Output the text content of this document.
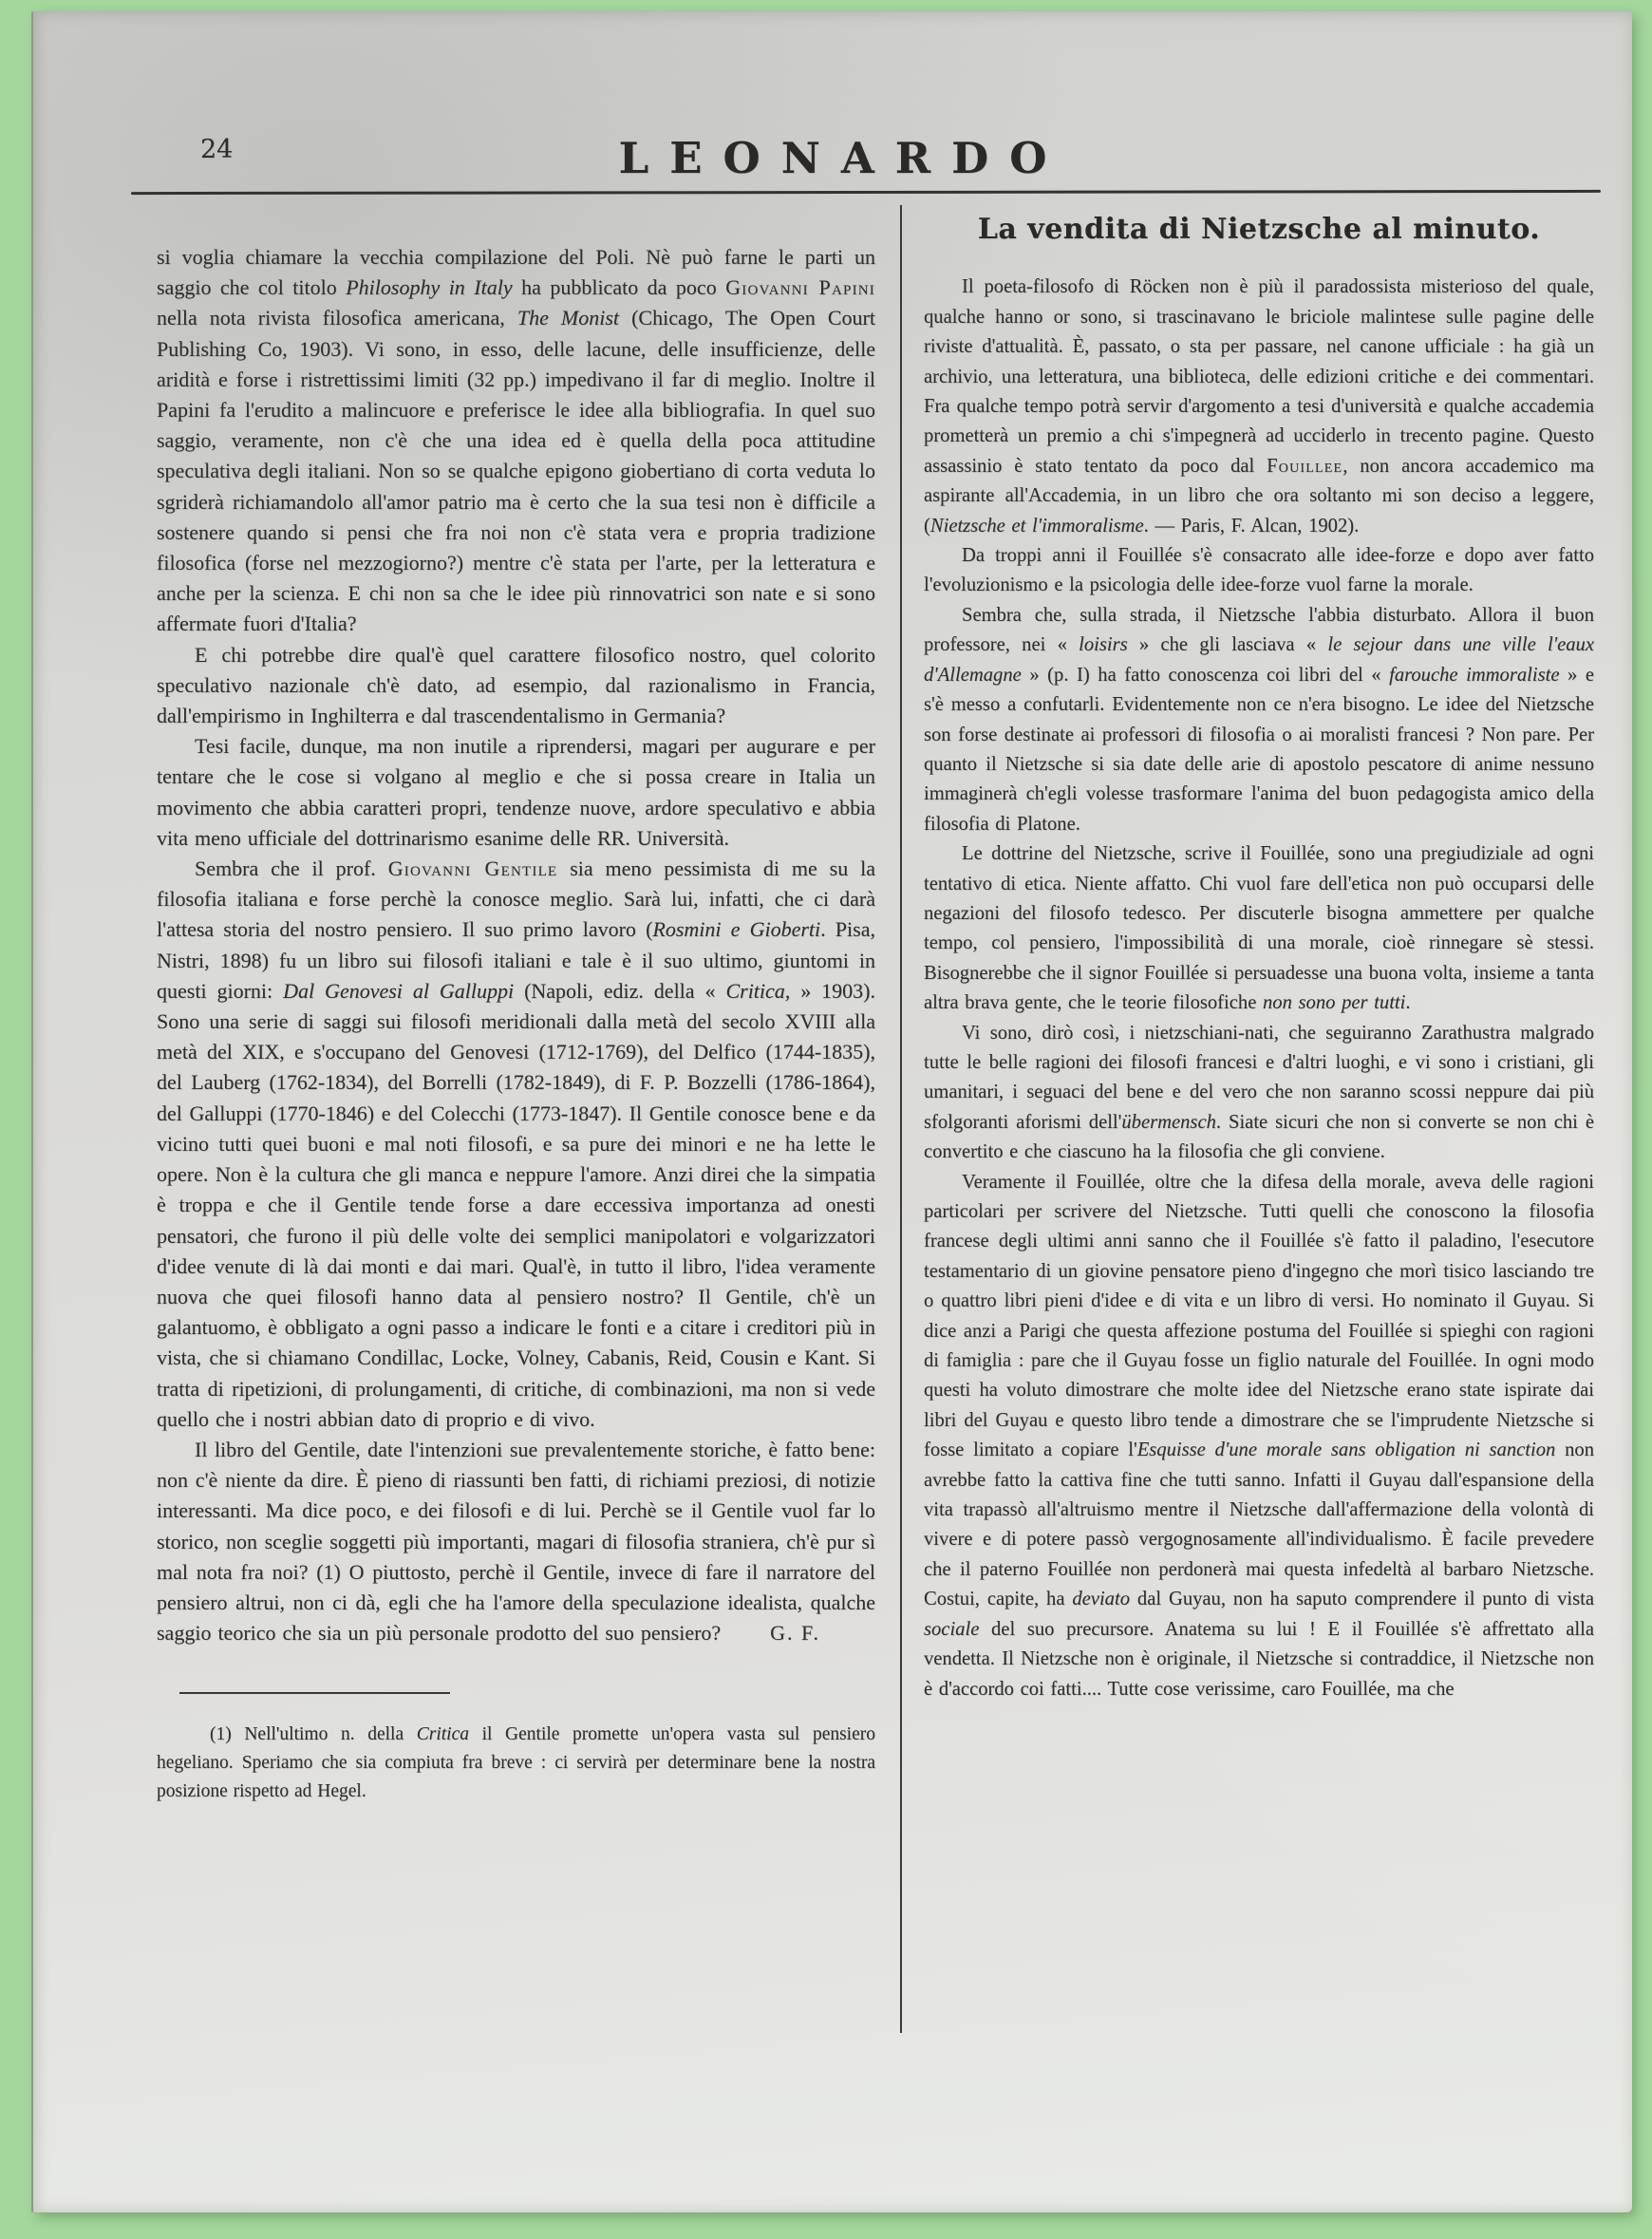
24	LEONARDO

si voglia chiamare la vecchia compilazione del Poli. Nè può farne le parti un saggio che col titolo Philosophy in Italy ha pubblicato da poco Giovanni Papini nella nota rivista filosofica americana, The Monist (Chicago, The Open Court Publishing Co, 1903). Vi sono, in esso, delle lacune, delle insufficienze, delle aridità e forse i ristrettissimi limiti (32 pp.) impedivano il far di meglio. Inoltre il Papini fa l'erudito a malincuore e preferisce le idee alla bibliografia. In quel suo saggio, veramente, non c'è che una idea ed è quella della poca attitudine speculativa degli italiani. Non so se qualche epigono giobertiano di corta veduta lo sgriderà richiamandolo all'amor patrio ma è certo che la sua tesi non è difficile a sostenere quando si pensi che fra noi non c'è stata vera e propria tradizione filosofica (forse nel mezzogiorno?) mentre c'è stata per l'arte, per la letteratura e anche per la scienza. E chi non sa che le idee più rinnovatrici son nate e si sono affermate fuori d'Italia?

E chi potrebbe dire qual'è quel carattere filosofico nostro, quel colorito speculativo nazionale ch'è dato, ad esempio, dal razionalismo in Francia, dall'empirismo in Inghilterra e dal trascendentalismo in Germania?

Tesi facile, dunque, ma non inutile a riprendersi, magari per augurare e per tentare che le cose si volgano al meglio e che si possa creare in Italia un movimento che abbia caratteri propri, tendenze nuove, ardore speculativo e abbia vita meno ufficiale del dottrinarismo esanime delle RR. Università.

Sembra che il prof. Giovanni Gentile sia meno pessimista di me su la filosofia italiana e forse perchè la conosce meglio. Sarà lui, infatti, che ci darà l'attesa storia del nostro pensiero. Il suo primo lavoro (Rosmini e Gioberti. Pisa, Nistri, 1898) fu un libro sui filosofi italiani e tale è il suo ultimo, giuntomi in questi giorni: Dal Genovesi al Galluppi (Napoli, ediz. della « Critica, » 1903). Sono una serie di saggi sui filosofi meridionali dalla metà del secolo XVIII alla metà del XIX, e s'occupano del Genovesi (1712-1769), del Delfico (1744-1835), del Lauberg (1762-1834), del Borrelli (1782-1849), di F. P. Bozzelli (1786-1864), del Galluppi (1770-1846) e del Colecchi (1773-1847). Il Gentile conosce bene e da vicino tutti quei buoni e mal noti filosofi, e sa pure dei minori e ne ha lette le opere. Non è la cultura che gli manca e neppure l'amore. Anzi direi che la simpatia è troppa e che il Gentile tende forse a dare eccessiva importanza ad onesti pensatori, che furono il più delle volte dei semplici manipolatori e volgarizzatori d'idee venute di là dai monti e dai mari. Qual'è, in tutto il libro, l'idea veramente nuova che quei filosofi hanno data al pensiero nostro? Il Gentile, ch'è un galantuomo, è obbligato a ogni passo a indicare le fonti e a citare i creditori più in vista, che si chiamano Condillac, Locke, Volney, Cabanis, Reid, Cousin e Kant. Si tratta di ripetizioni, di prolungamenti, di critiche, di combinazioni, ma non si vede quello che i nostri abbian dato di proprio e di vivo.

Il libro del Gentile, date l'intenzioni sue prevalentemente storiche, è fatto bene: non c'è niente da dire. È pieno di riassunti ben fatti, di richiami preziosi, di notizie interessanti. Ma dice poco, e dei filosofi e di lui. Perchè se il Gentile vuol far lo storico, non sceglie soggetti più importanti, magari di filosofia straniera, ch'è pur sì mal nota fra noi? (1) O piuttosto, perchè il Gentile, invece di fare il narratore del pensiero altrui, non ci dà, egli che ha l'amore della speculazione idealista, qualche saggio teorico che sia un più personale prodotto del suo pensiero?	G. F.

(1) Nell'ultimo n. della Critica il Gentile promette un'opera vasta sul pensiero hegeliano. Speriamo che sia compiuta fra breve : ci servirà per determinare bene la nostra posizione rispetto ad Hegel.

La vendita di Nietzsche al minuto.

Il poeta-filosofo di Röcken non è più il paradossista misterioso del quale, qualche hanno or sono, si trascinavano le briciole malintese sulle pagine delle riviste d'attualità. È, passato, o sta per passare, nel canone ufficiale : ha già un archivio, una letteratura, una biblioteca, delle edizioni critiche e dei commentari. Fra qualche tempo potrà servir d'argomento a tesi d'università e qualche accademia prometterà un premio a chi s'impegnerà ad ucciderlo in trecento pagine. Questo assassinio è stato tentato da poco dal Fouillee, non ancora accademico ma aspirante all'Accademia, in un libro che ora soltanto mi son deciso a leggere, (Nietzsche et l'immoralisme. — Paris, F. Alcan, 1902).

Da troppi anni il Fouillée s'è consacrato alle idee-forze e dopo aver fatto l'evoluzionismo e la psicologia delle idee-forze vuol farne la morale.

Sembra che, sulla strada, il Nietzsche l'abbia disturbato. Allora il buon professore, nei « loisirs » che gli lasciava « le sejour dans une ville l'eaux d'Allemagne » (p. I) ha fatto conoscenza coi libri del « farouche immoraliste » e s'è messo a confutarli. Evidentemente non ce n'era bisogno. Le idee del Nietzsche son forse destinate ai professori di filosofia o ai moralisti francesi ? Non pare. Per quanto il Nietzsche si sia date delle arie di apostolo pescatore di anime nessuno immaginerà ch'egli volesse trasformare l'anima del buon pedagogista amico della filosofia di Platone.

Le dottrine del Nietzsche, scrive il Fouillée, sono una pregiudiziale ad ogni tentativo di etica. Niente affatto. Chi vuol fare dell'etica non può occuparsi delle negazioni del filosofo tedesco. Per discuterle bisogna ammettere per qualche tempo, col pensiero, l'impossibilità di una morale, cioè rinnegare sè stessi. Bisognerebbe che il signor Fouillée si persuadesse una buona volta, insieme a tanta altra brava gente, che le teorie filosofiche non sono per tutti.

Vi sono, dirò così, i nietzschiani-nati, che seguiranno Zarathustra malgrado tutte le belle ragioni dei filosofi francesi e d'altri luoghi, e vi sono i cristiani, gli umanitari, i seguaci del bene e del vero che non saranno scossi neppure dai più sfolgoranti aforismi dell'übermensch. Siate sicuri che non si converte se non chi è convertito e che ciascuno ha la filosofia che gli conviene.

Veramente il Fouillée, oltre che la difesa della morale, aveva delle ragioni particolari per scrivere del Nietzsche. Tutti quelli che conoscono la filosofia francese degli ultimi anni sanno che il Fouillée s'è fatto il paladino, l'esecutore testamentario di un giovine pensatore pieno d'ingegno che morì tisico lasciando tre o quattro libri pieni d'idee e di vita e un libro di versi. Ho nominato il Guyau. Si dice anzi a Parigi che questa affezione postuma del Fouillée si spieghi con ragioni di famiglia : pare che il Guyau fosse un figlio naturale del Fouillée. In ogni modo questi ha voluto dimostrare che molte idee del Nietzsche erano state ispirate dai libri del Guyau e questo libro tende a dimostrare che se l'imprudente Nietzsche si fosse limitato a copiare l'Esquisse d'une morale sans obligation ni sanction non avrebbe fatto la cattiva fine che tutti sanno. Infatti il Guyau dall'espansione della vita trapassò all'altruismo mentre il Nietzsche dall'affermazione della volontà di vivere e di potere passò vergognosamente all'individualismo. È facile prevedere che il paterno Fouillée non perdonerà mai questa infedeltà al barbaro Nietzsche. Costui, capite, ha deviato dal Guyau, non ha saputo comprendere il punto di vista sociale del suo precursore. Anatema su lui ! E il Fouillée s'è affrettato alla vendetta. Il Nietzsche non è originale, il Nietzsche si contraddice, il Nietzsche non è d'accordo coi fatti.... Tutte cose verissime, caro Fouillée, ma che
